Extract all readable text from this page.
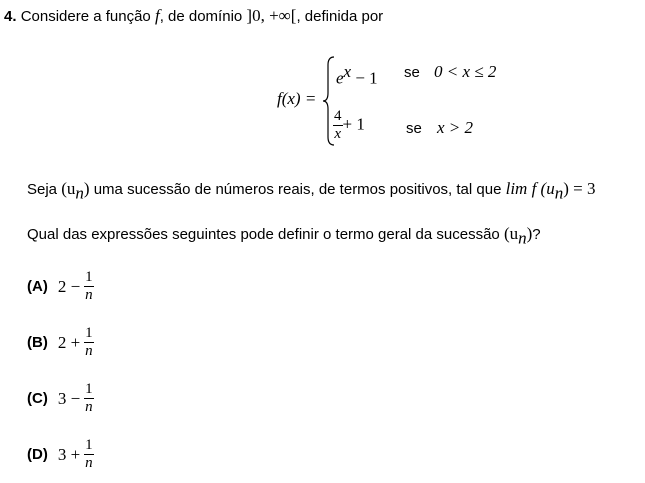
4. Considere a função f, de domínio ]0, +∞[, definida por
f(x) =
$e^x - 1$ se 0 < x ≤ 2
$\frac{4}{x} + 1$	se x > 2
Seja $(u_n)$ uma sucessão de números reais, de termos positivos, tal que lim f $(u_n) = 3$
Qual das expressões seguintes pode definir o termo geral da sucessão $(u_n)$?
(A) $2 - \frac{1}{n}$
(B) $2 + \frac{1}{n}$
(C) $3 - \frac{1}{n}$
(D) $3 + \frac{1}{n}$
